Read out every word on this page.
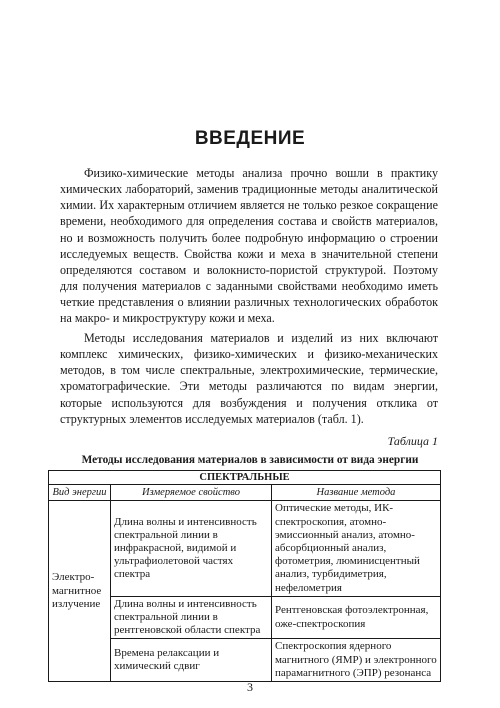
ВВЕДЕНИЕ

Физико-химические методы анализа прочно вошли в практику химических лабораторий, заменив традиционные методы аналитической химии. Их характерным отличием является не только резкое сокращение времени, необходимого для определения состава и свойств материалов, но и возможность получить более подробную информацию о строении исследуемых веществ. Свойства кожи и меха в значительной степени определяются составом и волокнисто-пористой структурой. Поэтому для получения материалов с заданными свойствами необходимо иметь четкие представления о влиянии различных технологических обработок на макро- и микроструктуру кожи и меха.

Методы исследования материалов и изделий из них включают комплекс химических, физико-химических и физико-механических методов, в том числе спектральные, электрохимические, термические, хроматографические. Эти методы различаются по видам энергии, которые используются для возбуждения и получения отклика от структурных элементов исследуемых материалов (табл. 1).

Таблица 1
Методы исследования материалов в зависимости от вида энергии
СПЕКТРАЛЬНЫЕ		
Вид энергии	Измеряемое свойство	Название метода
Электро-магнитное излучение	Длина волны и интенсивность спектральной линии в инфракрасной, видимой и ультрафиолетовой частях спектра	Оптические методы, ИК-спектроскопия, атомно-эмиссионный анализ, атомно-абсорбционный анализ, фотометрия, люминисцентный анализ, турбидиметрия, нефелометрия
	Длина волны и интенсивность спектральной линии в рентгеновской области спектра	Рентгеновская фотоэлектронная, оже-спектроскопия
	Времена релаксации и химический сдвиг	Спектроскопия ядерного магнитного (ЯМР) и электронного парамагнитного (ЭПР) резонанса
3
